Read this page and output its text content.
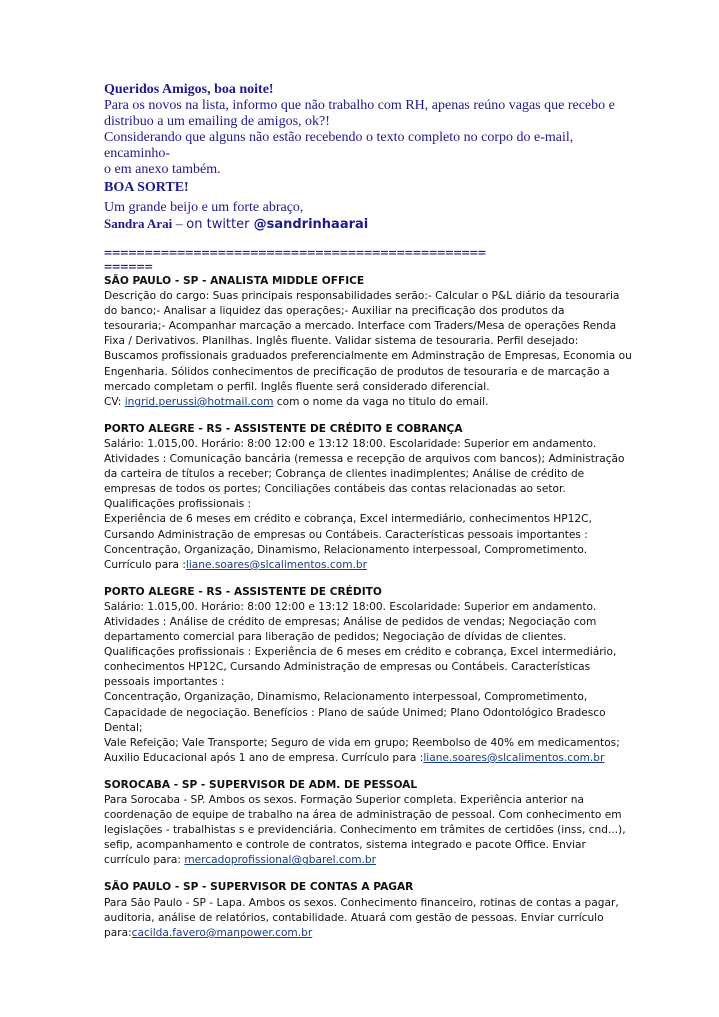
Queridos Amigos, boa noite!
Para os novos na lista, informo que não trabalho com RH, apenas reúno vagas que recebo e
distribuo a um emailing de amigos, ok?!
Considerando que alguns não estão recebendo o texto completo no corpo do e-mail, encaminho-
o em anexo também.
BOA SORTE!
Um grande beijo e um forte abraço,
Sandra Arai – on twitter @sandrinhaarai
===============================================
======
SÃO PAULO - SP - ANALISTA MIDDLE OFFICE
Descrição do cargo: Suas principais responsabilidades serão:- Calcular o P&L diário da tesouraria
do banco;- Analisar a liquidez das operações;- Auxiliar na precificação dos produtos da
tesouraria;- Acompanhar marcação a mercado. Interface com Traders/Mesa de operações Renda
Fixa / Derivativos. Planilhas. Inglês fluente. Validar sistema de tesouraria. Perfil desejado:
Buscamos profissionais graduados preferencialmente em Adminstração de Empresas, Economia ou
Engenharia. Sólidos conhecimentos de precificação de produtos de tesouraria e de marcação a
mercado completam o perfil. Inglês fluente será considerado diferencial.
CV: ingrid.perussi@hotmail.com com o nome da vaga no titulo do email.
PORTO ALEGRE - RS - ASSISTENTE DE CRÉDITO E COBRANÇA
Salário: 1.015,00. Horário: 8:00 12:00 e 13:12 18:00. Escolaridade: Superior em andamento.
Atividades : Comunicação bancária (remessa e recepção de arquivos com bancos); Administração
da carteira de títulos a receber; Cobrança de clientes inadimplentes; Análise de crédito de
empresas de todos os portes; Conciliações contábeis das contas relacionadas ao setor.
Qualificações profissionais :
Experiência de 6 meses em crédito e cobrança, Excel intermediário, conhecimentos HP12C,
Cursando Administração de empresas ou Contábeis. Características pessoais importantes :
Concentração, Organização, Dinamismo, Relacionamento interpessoal, Comprometimento.
Currículo para :liane.soares@slcalimentos.com.br
PORTO ALEGRE - RS - ASSISTENTE DE CRÉDITO
Salário: 1.015,00. Horário: 8:00 12:00 e 13:12 18:00. Escolaridade: Superior em andamento.
Atividades : Análise de crédito de empresas; Análise de pedidos de vendas; Negociação com
departamento comercial para liberação de pedidos; Negociação de dívidas de clientes.
Qualificações profissionais : Experiência de 6 meses em crédito e cobrança, Excel intermediário,
conhecimentos HP12C, Cursando Administração de empresas ou Contábeis. Características
pessoais importantes :
Concentração, Organização, Dinamismo, Relacionamento interpessoal, Comprometimento,
Capacidade de negociação. Benefícios : Plano de saúde Unimed; Plano Odontológico Bradesco
Dental;
Vale Refeição; Vale Transporte; Seguro de vida em grupo; Reembolso de 40% em medicamentos;
Auxilio Educacional após 1 ano de empresa. Currículo para :liane.soares@slcalimentos.com.br
SOROCABA - SP - SUPERVISOR DE ADM. DE PESSOAL
Para Sorocaba - SP. Ambos os sexos. Formação Superior completa. Experiência anterior na
coordenação de equipe de trabalho na área de administração de pessoal. Com conhecimento em
legislações - trabalhistas s e previdenciária. Conhecimento em trâmites de certidões (inss, cnd...),
sefip, acompanhamento e controle de contratos, sistema integrado e pacote Office. Enviar
currículo para: mercadoprofissional@gbarel.com.br
SÃO PAULO - SP - SUPERVISOR DE CONTAS A PAGAR
Para São Paulo - SP - Lapa. Ambos os sexos. Conhecimento financeiro, rotinas de contas a pagar,
auditoria, análise de relatórios, contabilidade. Atuará com gestão de pessoas. Enviar currículo
para:cacilda.favero@manpower.com.br
